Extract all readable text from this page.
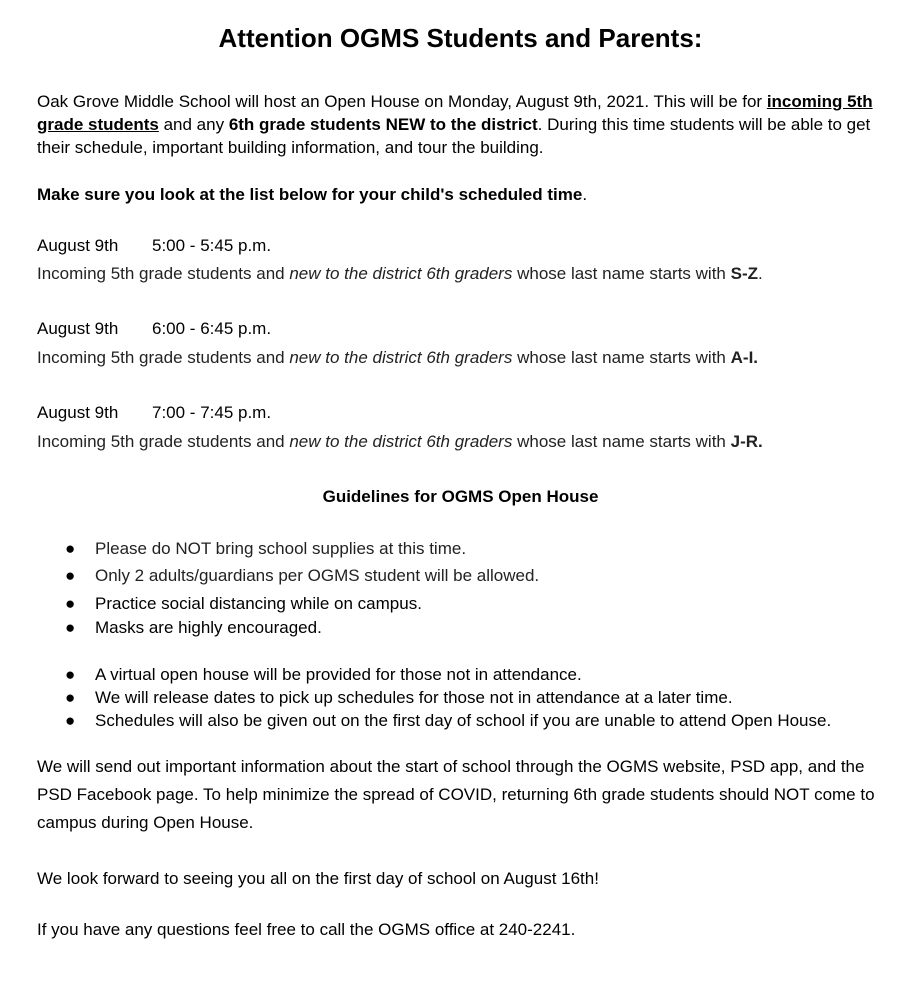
Attention OGMS Students and Parents:

Oak Grove Middle School will host an Open House on Monday, August 9th, 2021. This will be for incoming 5th grade students and any 6th grade students NEW to the district. During this time students will be able to get their schedule, important building information, and tour the building.

Make sure you look at the list below for your child's scheduled time.

August 9th 5:00 - 5:45 p.m.

Incoming 5th grade students and new to the district 6th graders whose last name starts with S-Z.

August 9th 6:00 - 6:45 p.m.

Incoming 5th grade students and new to the district 6th graders whose last name starts with A-I.

August 9th 7:00 - 7:45 p.m.

Incoming 5th grade students and new to the district 6th graders whose last name starts with J-R.

Guidelines for OGMS Open House
● Please do NOT bring school supplies at this time.
● Only 2 adults/guardians per OGMS student will be allowed.
● Practice social distancing while on campus.
● Masks are highly encouraged.
● A virtual open house will be provided for those not in attendance.
● We will release dates to pick up schedules for those not in attendance at a later time.
● Schedules will also be given out on the first day of school if you are unable to attend Open House.

We will send out important information about the start of school through the OGMS website, PSD app, and the PSD Facebook page. To help minimize the spread of COVID, returning 6th grade students should NOT come to campus during Open House.

We look forward to seeing you all on the first day of school on August 16th!

If you have any questions feel free to call the OGMS office at 240-2241.
